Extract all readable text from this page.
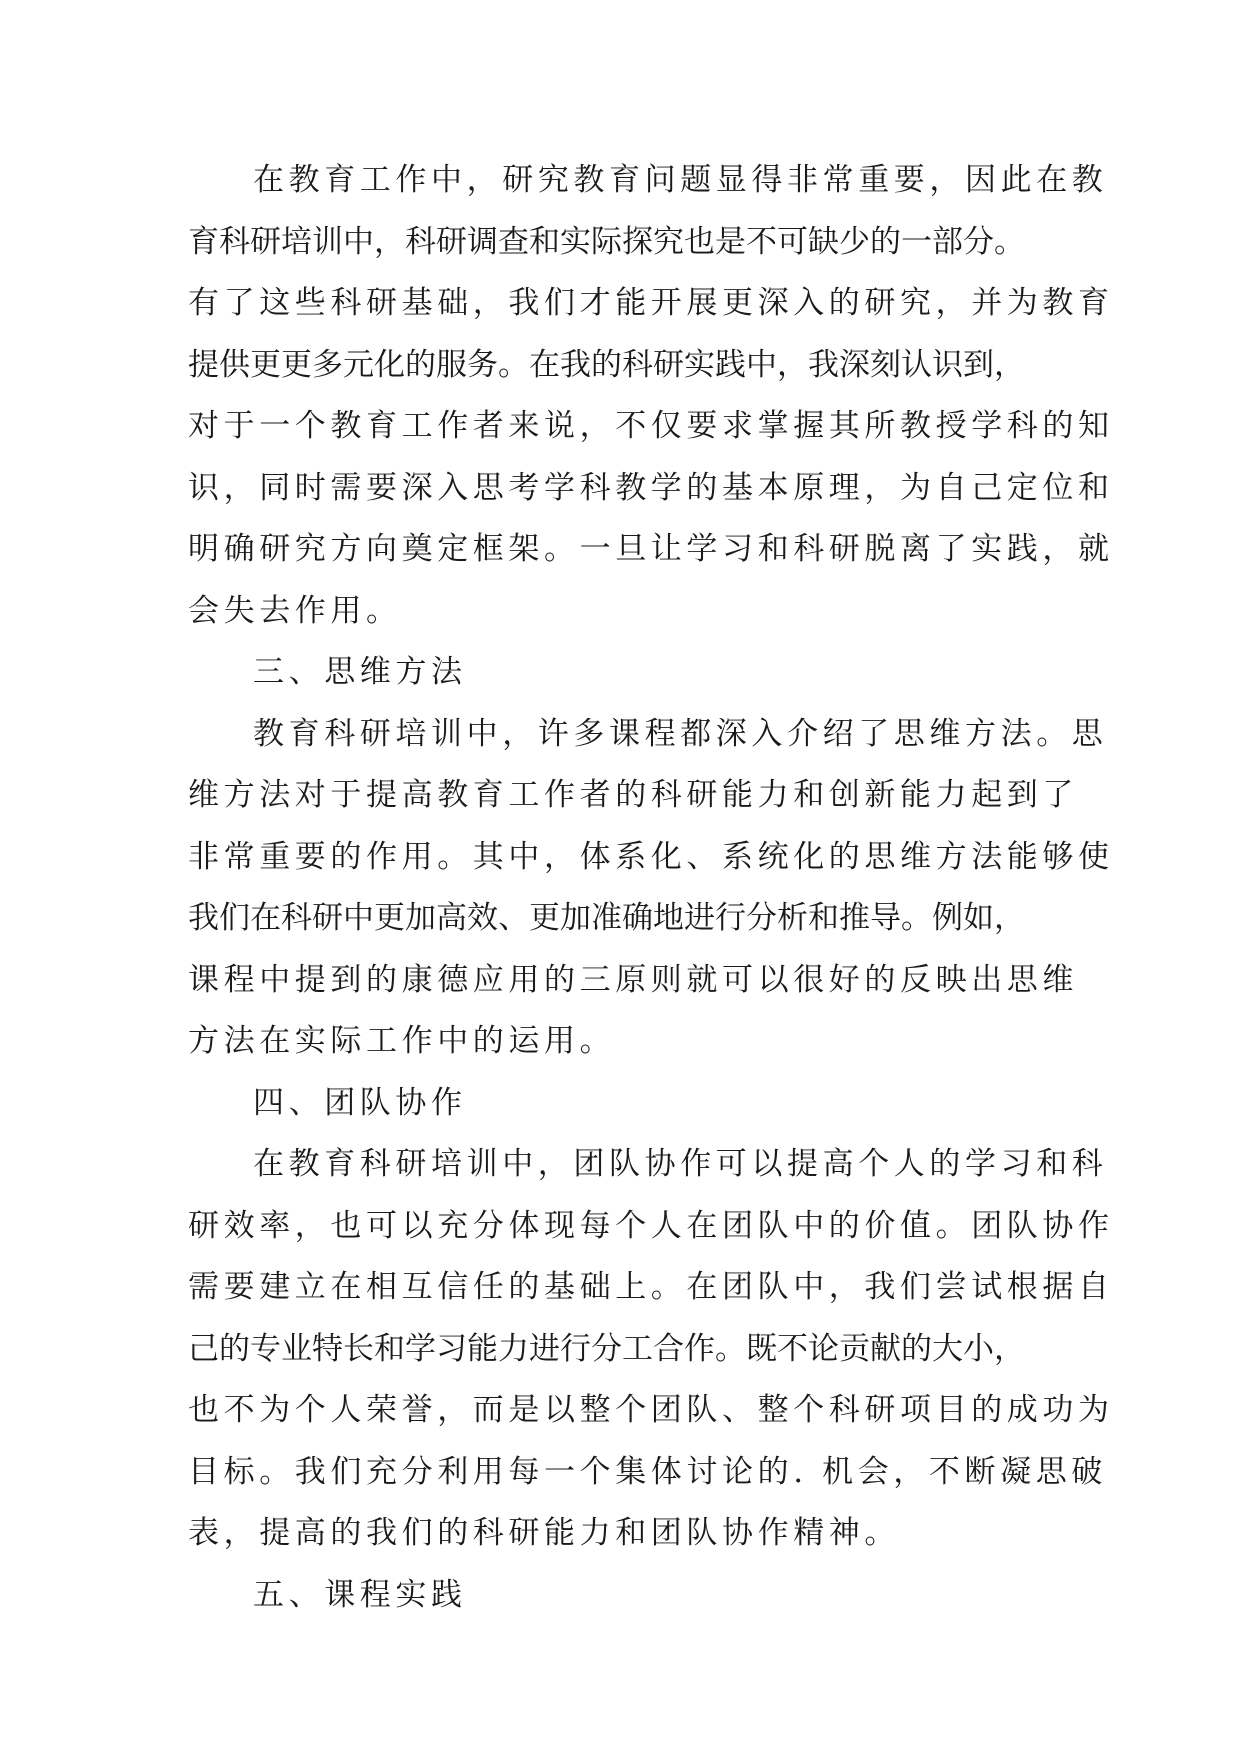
在教育工作中，研究教育问题显得非常重要，因此在教
育科研培训中，科研调查和实际探究也是不可缺少的一部分。
有了这些科研基础，我们才能开展更深入的研究，并为教育
提供更更多元化的服务。在我的科研实践中，我深刻认识到，
对于一个教育工作者来说，不仅要求掌握其所教授学科的知
识，同时需要深入思考学科教学的基本原理，为自己定位和
明确研究方向奠定框架。一旦让学习和科研脱离了实践，就
会失去作用。
三、思维方法
教育科研培训中，许多课程都深入介绍了思维方法。思
维方法对于提高教育工作者的科研能力和创新能力起到了
非常重要的作用。其中，体系化、系统化的思维方法能够使
我们在科研中更加高效、更加准确地进行分析和推导。例如，
课程中提到的康德应用的三原则就可以很好的反映出思维
方法在实际工作中的运用。
四、团队协作
在教育科研培训中，团队协作可以提高个人的学习和科
研效率，也可以充分体现每个人在团队中的价值。团队协作
需要建立在相互信任的基础上。在团队中，我们尝试根据自
己的专业特长和学习能力进行分工合作。既不论贡献的大小，
也不为个人荣誉，而是以整个团队、整个科研项目的成功为
目标。我们充分利用每一个集体讨论的. 机会，不断凝思破
表，提高的我们的科研能力和团队协作精神。
五、课程实践
